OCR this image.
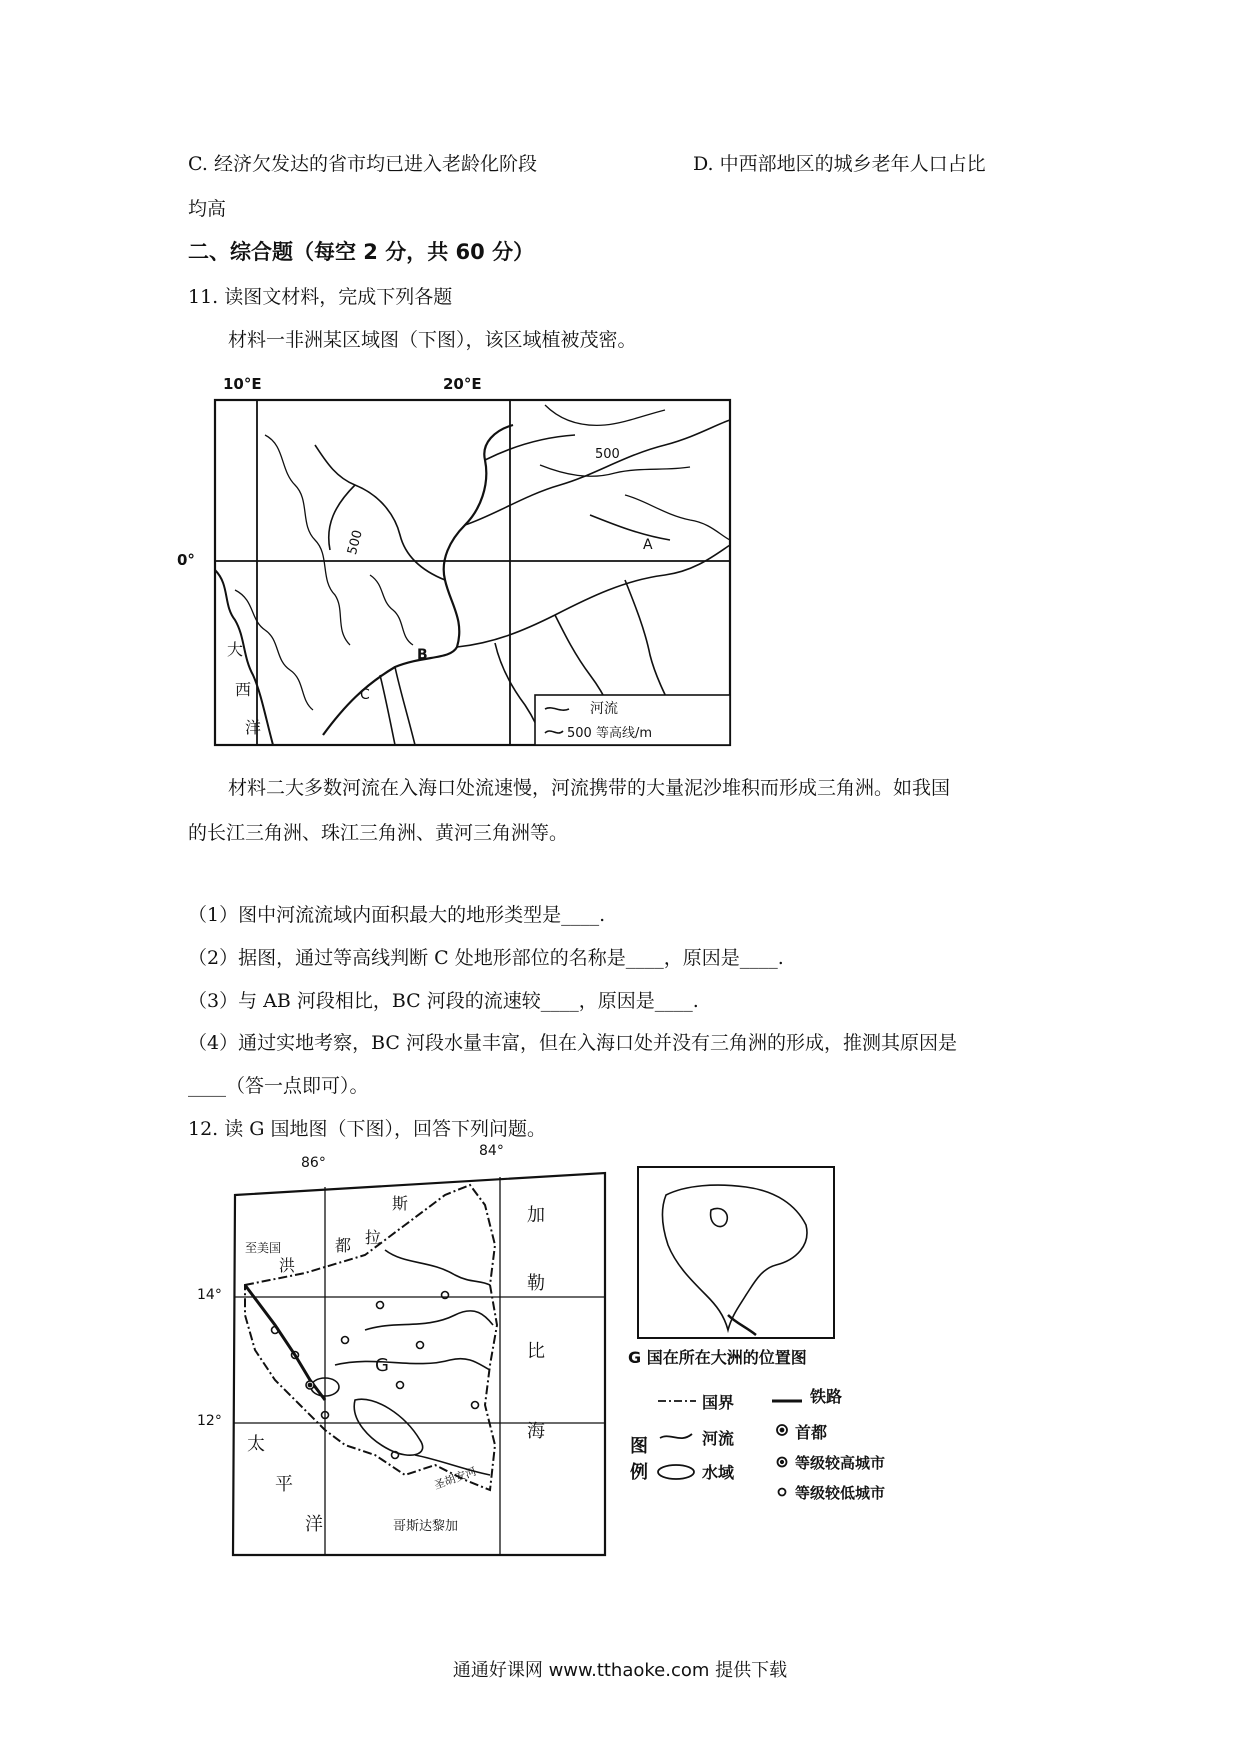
C. 经济欠发达的省市均已进入老龄化阶段	D. 中西部地区的城乡老年人口占比
均高
二、综合题（每空 2 分，共 60 分）
11. 读图文材料，完成下列各题
材料一非洲某区域图（下图），该区域植被茂密。
10°E	20°E
0°
500
500
A
B
C
大
西
洋
河流
500 等高线/m
材料二大多数河流在入海口处流速慢，河流携带的大量泥沙堆积而形成三角洲。如我国
的长江三角洲、珠江三角洲、黄河三角洲等。
（1）图中河流流域内面积最大的地形类型是____.
（2）据图，通过等高线判断 C 处地形部位的名称是____，原因是____.
（3）与 AB 河段相比，BC 河段的流速较____，原因是____.
（4）通过实地考察，BC 河段水量丰富，但在入海口处并没有三角洲的形成，推测其原因是
____（答一点即可）。
12. 读 G 国地图（下图），回答下列问题。
86°
84°
14°
12°
斯
拉
洪
都
至美国
G
加
勒
比
海
太
平
洋	哥斯达黎加
圣胡安河
G 国在所在大洲的位置图
图
例
国界	铁路
河流	首都
水域	等级较高城市
等级较低城市
通通好课网 www.tthaoke.com 提供下载
